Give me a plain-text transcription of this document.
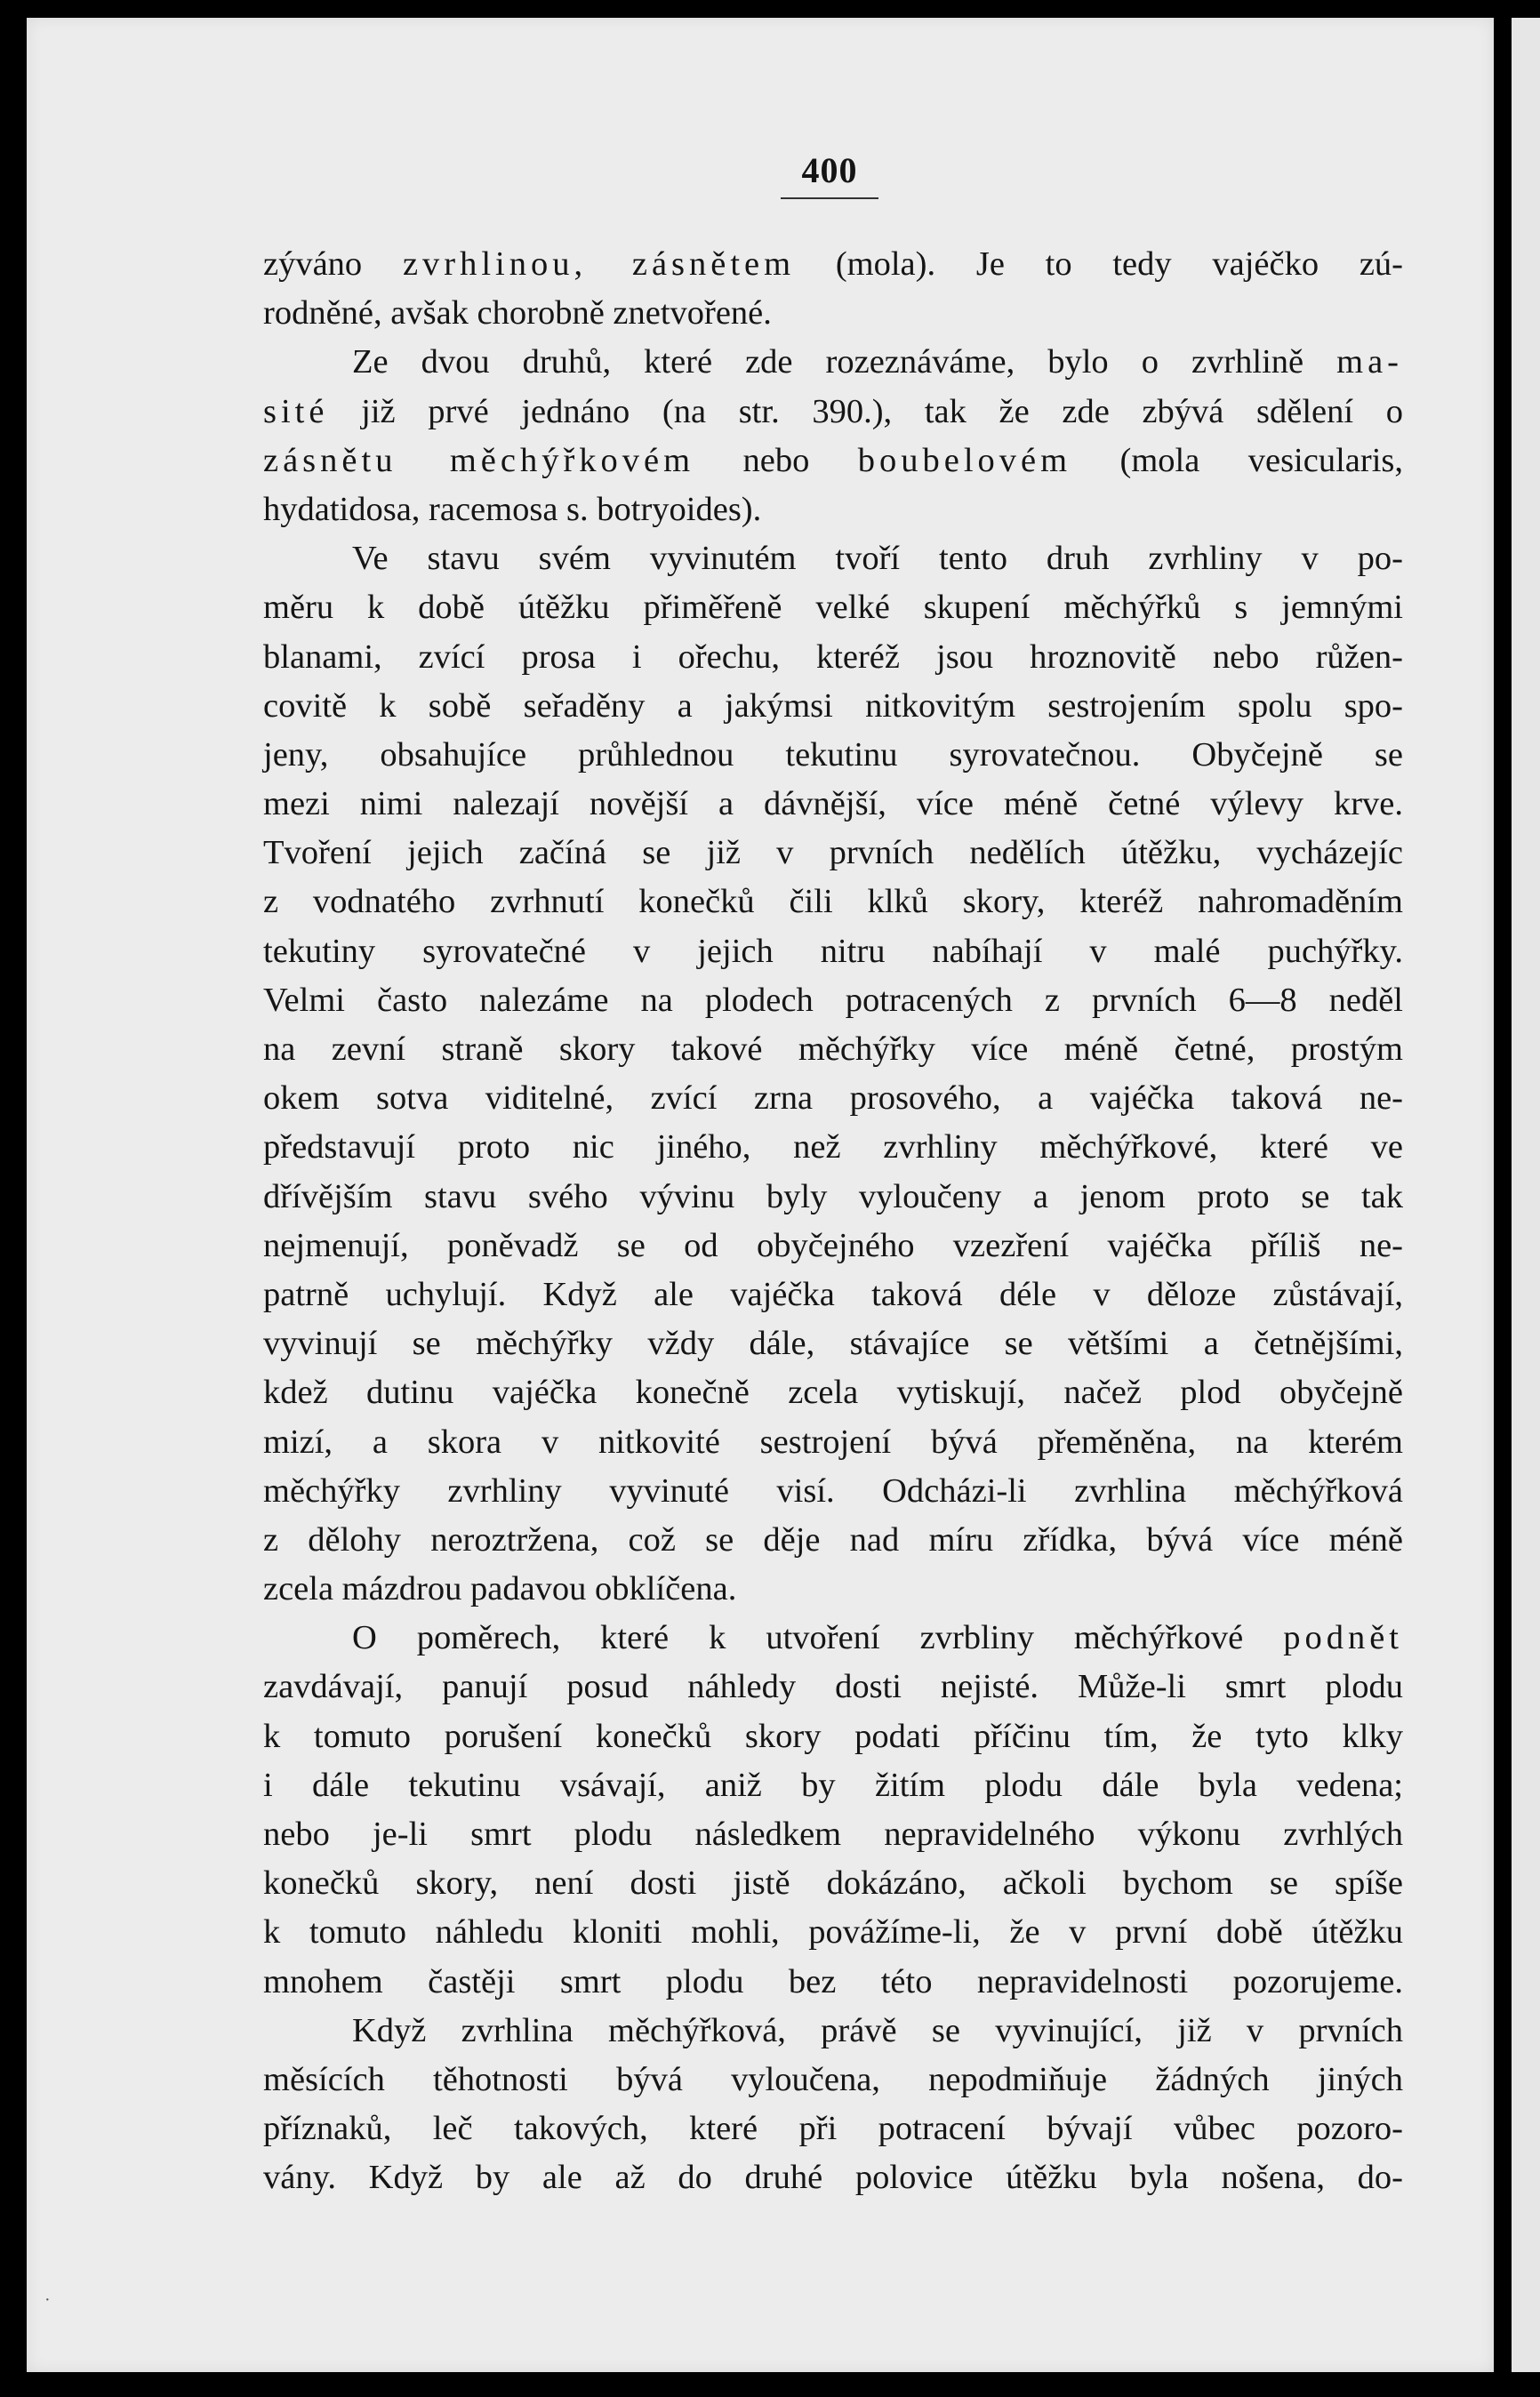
400
zýváno zvrhlinou, zásnětem (mola). Je to tedy vajéčko zú-
rodněné, avšak chorobně znetvořené.
Ze dvou druhů, které zde rozeznáváme, bylo o zvrhlině ma-
sité již prvé jednáno (na str. 390.), tak že zde zbývá sdělení o
zásnětu měchýřkovém nebo boubelovém (mola vesicularis,
hydatidosa, racemosa s. botryoides).
Ve stavu svém vyvinutém tvoří tento druh zvrhliny v po-
měru k době útěžku přiměřeně velké skupení měchýřků s jemnými
blanami, zvící prosa i ořechu, kteréž jsou hroznovitě nebo růžen-
covitě k sobě seřaděny a jakýmsi nitkovitým sestrojením spolu spo-
jeny, obsahujíce průhlednou tekutinu syrovatečnou. Obyčejně se
mezi nimi nalezají novější a dávnější, více méně četné výlevy krve.
Tvoření jejich začíná se již v prvních nedělích útěžku, vycházejíc
z vodnatého zvrhnutí konečků čili klků skory, kteréž nahromaděním
tekutiny syrovatečné v jejich nitru nabíhají v malé puchýřky.
Velmi často nalezáme na plodech potracených z prvních 6—8 neděl
na zevní straně skory takové měchýřky více méně četné, prostým
okem sotva viditelné, zvící zrna prosového, a vajéčka taková ne-
představují proto nic jiného, než zvrhliny měchýřkové, které ve
dřívějším stavu svého vývinu byly vyloučeny a jenom proto se tak
nejmenují, poněvadž se od obyčejného vzezření vajéčka příliš ne-
patrně uchylují. Když ale vajéčka taková déle v děloze zůstávají,
vyvinují se měchýřky vždy dále, stávajíce se většími a četnějšími,
kdež dutinu vajéčka konečně zcela vytiskují, načež plod obyčejně
mizí, a skora v nitkovité sestrojení bývá přeměněna, na kterém
měchýřky zvrhliny vyvinuté visí. Odcházi-li zvrhlina měchýřková
z dělohy neroztržena, což se děje nad míru zřídka, bývá více méně
zcela mázdrou padavou obklíčena.
O poměrech, které k utvoření zvrbliny měchýřkové podnět
zavdávají, panují posud náhledy dosti nejisté. Může-li smrt plodu
k tomuto porušení konečků skory podati příčinu tím, že tyto klky
i dále tekutinu vsávají, aniž by žitím plodu dále byla vedena;
nebo je-li smrt plodu následkem nepravidelného výkonu zvrhlých
konečků skory, není dosti jistě dokázáno, ačkoli bychom se spíše
k tomuto náhledu kloniti mohli, povážíme-li, že v první době útěžku
mnohem častěji smrt plodu bez této nepravidelnosti pozorujeme.
Když zvrhlina měchýřková, právě se vyvinující, již v prvních
měsících těhotnosti bývá vyloučena, nepodmiňuje žádných jiných
příznaků, leč takových, které při potracení bývají vůbec pozoro-
vány. Když by ale až do druhé polovice útěžku byla nošena, do-
·
